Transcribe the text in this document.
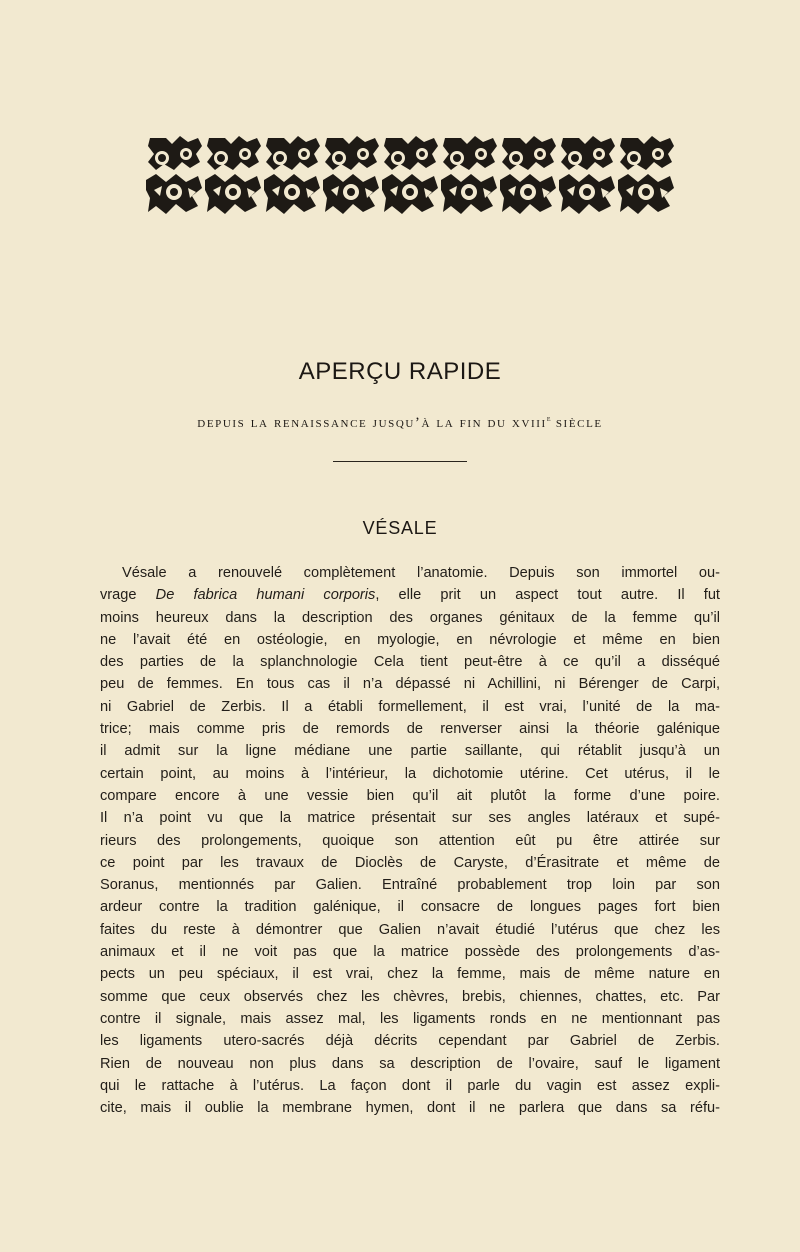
APERÇU RAPIDE
depuis la renaissance jusqu’à la fin du xviii$^e$ siècle
VÉSALE
Vésale a renouvelé complètement l’anatomie. Depuis son immortel ou-
vrage De fabrica humani corporis, elle prit un aspect tout autre. Il fut
moins heureux dans la description des organes génitaux de la femme qu’il
ne l’avait été en ostéologie, en myologie, en névrologie et même en bien
des parties de la splanchnologie Cela tient peut-être à ce qu’il a disséqué
peu de femmes. En tous cas il n’a dépassé ni Achillini, ni Bérenger de Carpi,
ni Gabriel de Zerbis. Il a établi formellement, il est vrai, l’unité de la ma-
trice; mais comme pris de remords de renverser ainsi la théorie galénique
il admit sur la ligne médiane une partie saillante, qui rétablit jusqu’à un
certain point, au moins à l’intérieur, la dichotomie utérine. Cet utérus, il le
compare encore à une vessie bien qu’il ait plutôt la forme d’une poire.
Il n’a point vu que la matrice présentait sur ses angles latéraux et supé-
rieurs des prolongements, quoique son attention eût pu être attirée sur
ce point par les travaux de Dioclès de Caryste, d’Érasitrate et même de
Soranus, mentionnés par Galien. Entraîné probablement trop loin par son
ardeur contre la tradition galénique, il consacre de longues pages fort bien
faites du reste à démontrer que Galien n’avait étudié l’utérus que chez les
animaux et il ne voit pas que la matrice possède des prolongements d’as-
pects un peu spéciaux, il est vrai, chez la femme, mais de même nature en
somme que ceux observés chez les chèvres, brebis, chiennes, chattes, etc. Par
contre il signale, mais assez mal, les ligaments ronds en ne mentionnant pas
les ligaments utero-sacrés déjà décrits cependant par Gabriel de Zerbis.
Rien de nouveau non plus dans sa description de l’ovaire, sauf le ligament
qui le rattache à l’utérus. La façon dont il parle du vagin est assez expli-
cite, mais il oublie la membrane hymen, dont il ne parlera que dans sa réfu-
